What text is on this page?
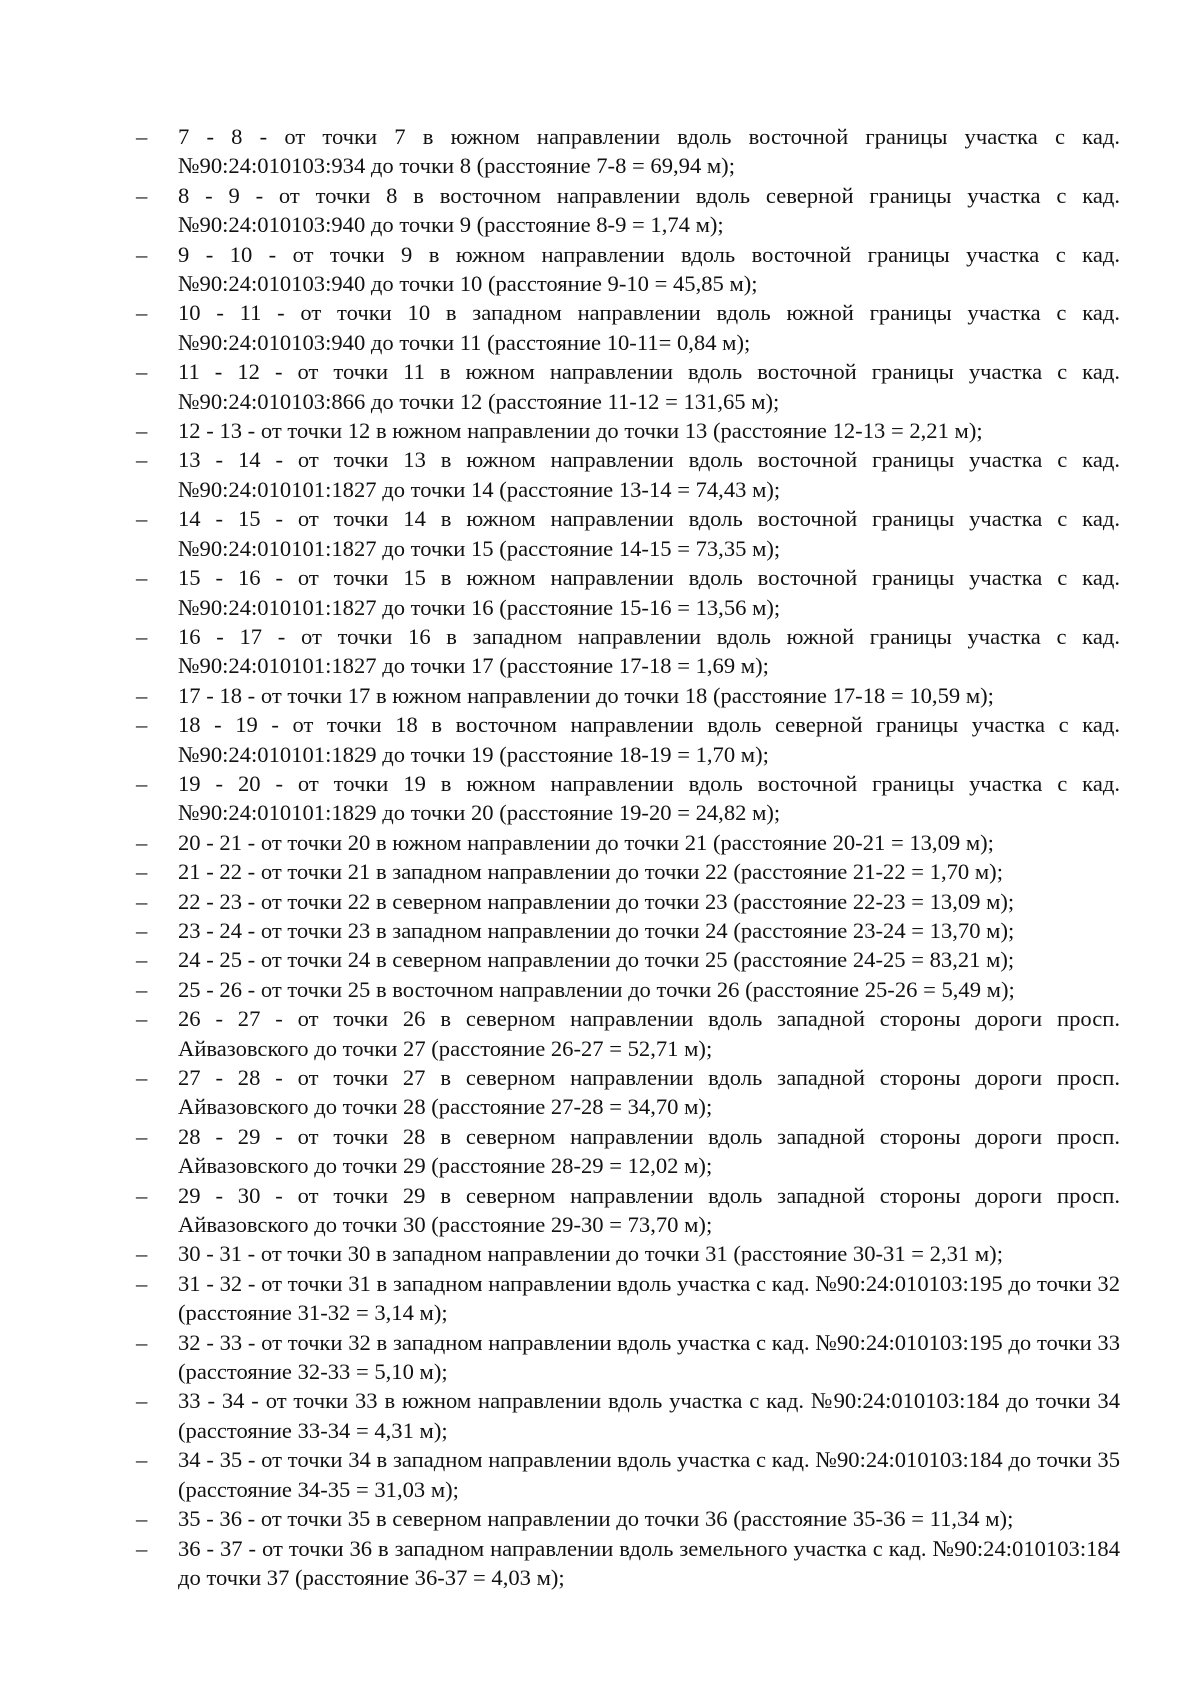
– 7 - 8 - от точки 7 в южном направлении вдоль восточной границы участка с кад. №90:24:010103:934 до точки 8 (расстояние 7-8 = 69,94 м);
– 8 - 9 - от точки 8 в восточном направлении вдоль северной границы участка с кад. №90:24:010103:940 до точки 9 (расстояние 8-9 = 1,74 м);
– 9 - 10 - от точки 9 в южном направлении вдоль восточной границы участка с кад. №90:24:010103:940 до точки 10 (расстояние 9-10 = 45,85 м);
– 10 - 11 - от точки 10 в западном направлении вдоль южной границы участка с кад. №90:24:010103:940 до точки 11 (расстояние 10-11= 0,84 м);
– 11 - 12 - от точки 11 в южном направлении вдоль восточной границы участка с кад. №90:24:010103:866 до точки 12 (расстояние 11-12 = 131,65 м);
– 12 - 13 - от точки 12 в южном направлении до точки 13 (расстояние 12-13 = 2,21 м);
– 13 - 14 - от точки 13 в южном направлении вдоль восточной границы участка с кад. №90:24:010101:1827 до точки 14 (расстояние 13-14 = 74,43 м);
– 14 - 15 - от точки 14 в южном направлении вдоль восточной границы участка с кад. №90:24:010101:1827 до точки 15 (расстояние 14-15 = 73,35 м);
– 15 - 16 - от точки 15 в южном направлении вдоль восточной границы участка с кад. №90:24:010101:1827 до точки 16 (расстояние 15-16 = 13,56 м);
– 16 - 17 - от точки 16 в западном направлении вдоль южной границы участка с кад. №90:24:010101:1827 до точки 17 (расстояние 17-18 = 1,69 м);
– 17 - 18 - от точки 17 в южном направлении до точки 18 (расстояние 17-18 = 10,59 м);
– 18 - 19 - от точки 18 в восточном направлении вдоль северной границы участка с кад. №90:24:010101:1829 до точки 19 (расстояние 18-19 = 1,70 м);
– 19 - 20 - от точки 19 в южном направлении вдоль восточной границы участка с кад. №90:24:010101:1829 до точки 20 (расстояние 19-20 = 24,82 м);
– 20 - 21 - от точки 20 в южном направлении до точки 21 (расстояние 20-21 = 13,09 м);
– 21 - 22 - от точки 21 в западном направлении до точки 22 (расстояние 21-22 = 1,70 м);
– 22 - 23 - от точки 22 в северном направлении до точки 23 (расстояние 22-23 = 13,09 м);
– 23 - 24 - от точки 23 в западном направлении до точки 24 (расстояние 23-24 = 13,70 м);
– 24 - 25 - от точки 24 в северном направлении до точки 25 (расстояние 24-25 = 83,21 м);
– 25 - 26 - от точки 25 в восточном направлении до точки 26 (расстояние 25-26 = 5,49 м);
– 26 - 27 - от точки 26 в северном направлении вдоль западной стороны дороги просп. Айвазовского до точки 27 (расстояние 26-27 = 52,71 м);
– 27 - 28 - от точки 27 в северном направлении вдоль западной стороны дороги просп. Айвазовского до точки 28 (расстояние 27-28 = 34,70 м);
– 28 - 29 - от точки 28 в северном направлении вдоль западной стороны дороги просп. Айвазовского до точки 29 (расстояние 28-29 = 12,02 м);
– 29 - 30 - от точки 29 в северном направлении вдоль западной стороны дороги просп. Айвазовского до точки 30 (расстояние 29-30 = 73,70 м);
– 30 - 31 - от точки 30 в западном направлении до точки 31 (расстояние 30-31 = 2,31 м);
– 31 - 32 - от точки 31 в западном направлении вдоль участка с кад. №90:24:010103:195 до точки 32 (расстояние 31-32 = 3,14 м);
– 32 - 33 - от точки 32 в западном направлении вдоль участка с кад. №90:24:010103:195 до точки 33 (расстояние 32-33 = 5,10 м);
– 33 - 34 - от точки 33 в южном направлении вдоль участка с кад. №90:24:010103:184 до точки 34 (расстояние 33-34 = 4,31 м);
– 34 - 35 - от точки 34 в западном направлении вдоль участка с кад. №90:24:010103:184 до точки 35 (расстояние 34-35 = 31,03 м);
– 35 - 36 - от точки 35 в северном направлении до точки 36 (расстояние 35-36 = 11,34 м);
– 36 - 37 - от точки 36 в западном направлении вдоль земельного участка с кад. №90:24:010103:184 до точки 37 (расстояние 36-37 = 4,03 м);
